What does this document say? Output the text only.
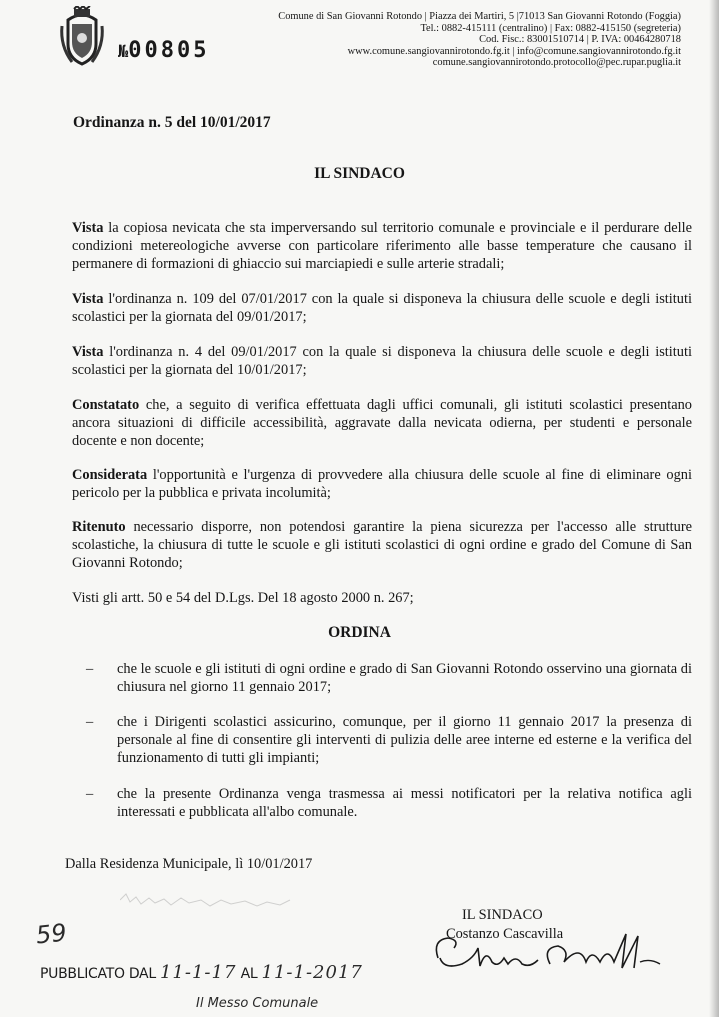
№00805
Comune di San Giovanni Rotondo | Piazza dei Martiri, 5 |71013 San Giovanni Rotondo (Foggia)
Tel.: 0882-415111 (centralino) | Fax: 0882-415150 (segreteria)
Cod. Fisc.: 83001510714 | P. IVA: 00464280718
www.comune.sangiovannirotondo.fg.it | info@comune.sangiovannirotondo.fg.it
comune.sangiovannirotondo.protocollo@pec.rupar.puglia.it
Ordinanza n. 5 del 10/01/2017
IL SINDACO
Vista la copiosa nevicata che sta imperversando sul territorio comunale e provinciale e il perdurare delle condizioni metereologiche avverse con particolare riferimento alle basse temperature che causano il permanere di formazioni di ghiaccio sui marciapiedi e sulle arterie stradali;
Vista l'ordinanza n. 109 del 07/01/2017 con la quale si disponeva la chiusura delle scuole e degli istituti scolastici per la giornata del 09/01/2017;
Vista l'ordinanza n. 4 del 09/01/2017 con la quale si disponeva la chiusura delle scuole e degli istituti scolastici per la giornata del 10/01/2017;
Constatato che, a seguito di verifica effettuata dagli uffici comunali, gli istituti scolastici presentano ancora situazioni di difficile accessibilità, aggravate dalla nevicata odierna, per studenti e personale docente e non docente;
Considerata l'opportunità e l'urgenza di provvedere alla chiusura delle scuole al fine di eliminare ogni pericolo per la pubblica e privata incolumità;
Ritenuto necessario disporre, non potendosi garantire la piena sicurezza per l'accesso alle strutture scolastiche, la chiusura di tutte le scuole e gli istituti scolastici di ogni ordine e grado del Comune di San Giovanni Rotondo;
Visti gli artt. 50 e 54 del D.Lgs. Del 18 agosto 2000 n. 267;
ORDINA
– che le scuole e gli istituti di ogni ordine e grado di San Giovanni Rotondo osservino una giornata di chiusura nel giorno 11 gennaio 2017;
– che i Dirigenti scolastici assicurino, comunque, per il giorno 11 gennaio 2017 la presenza di personale al fine di consentire gli interventi di pulizia delle aree interne ed esterne e la verifica del funzionamento di tutti gli impianti;
– che la presente Ordinanza venga trasmessa ai messi notificatori per la relativa notifica agli interessati e pubblicata all'albo comunale.
Dalla Residenza Municipale, lì 10/01/2017
IL SINDACO
Costanzo Cascavilla
59
PUBBLICATO DAL 11-1-17 AL 11-1-2017
Il Messo Comunale
